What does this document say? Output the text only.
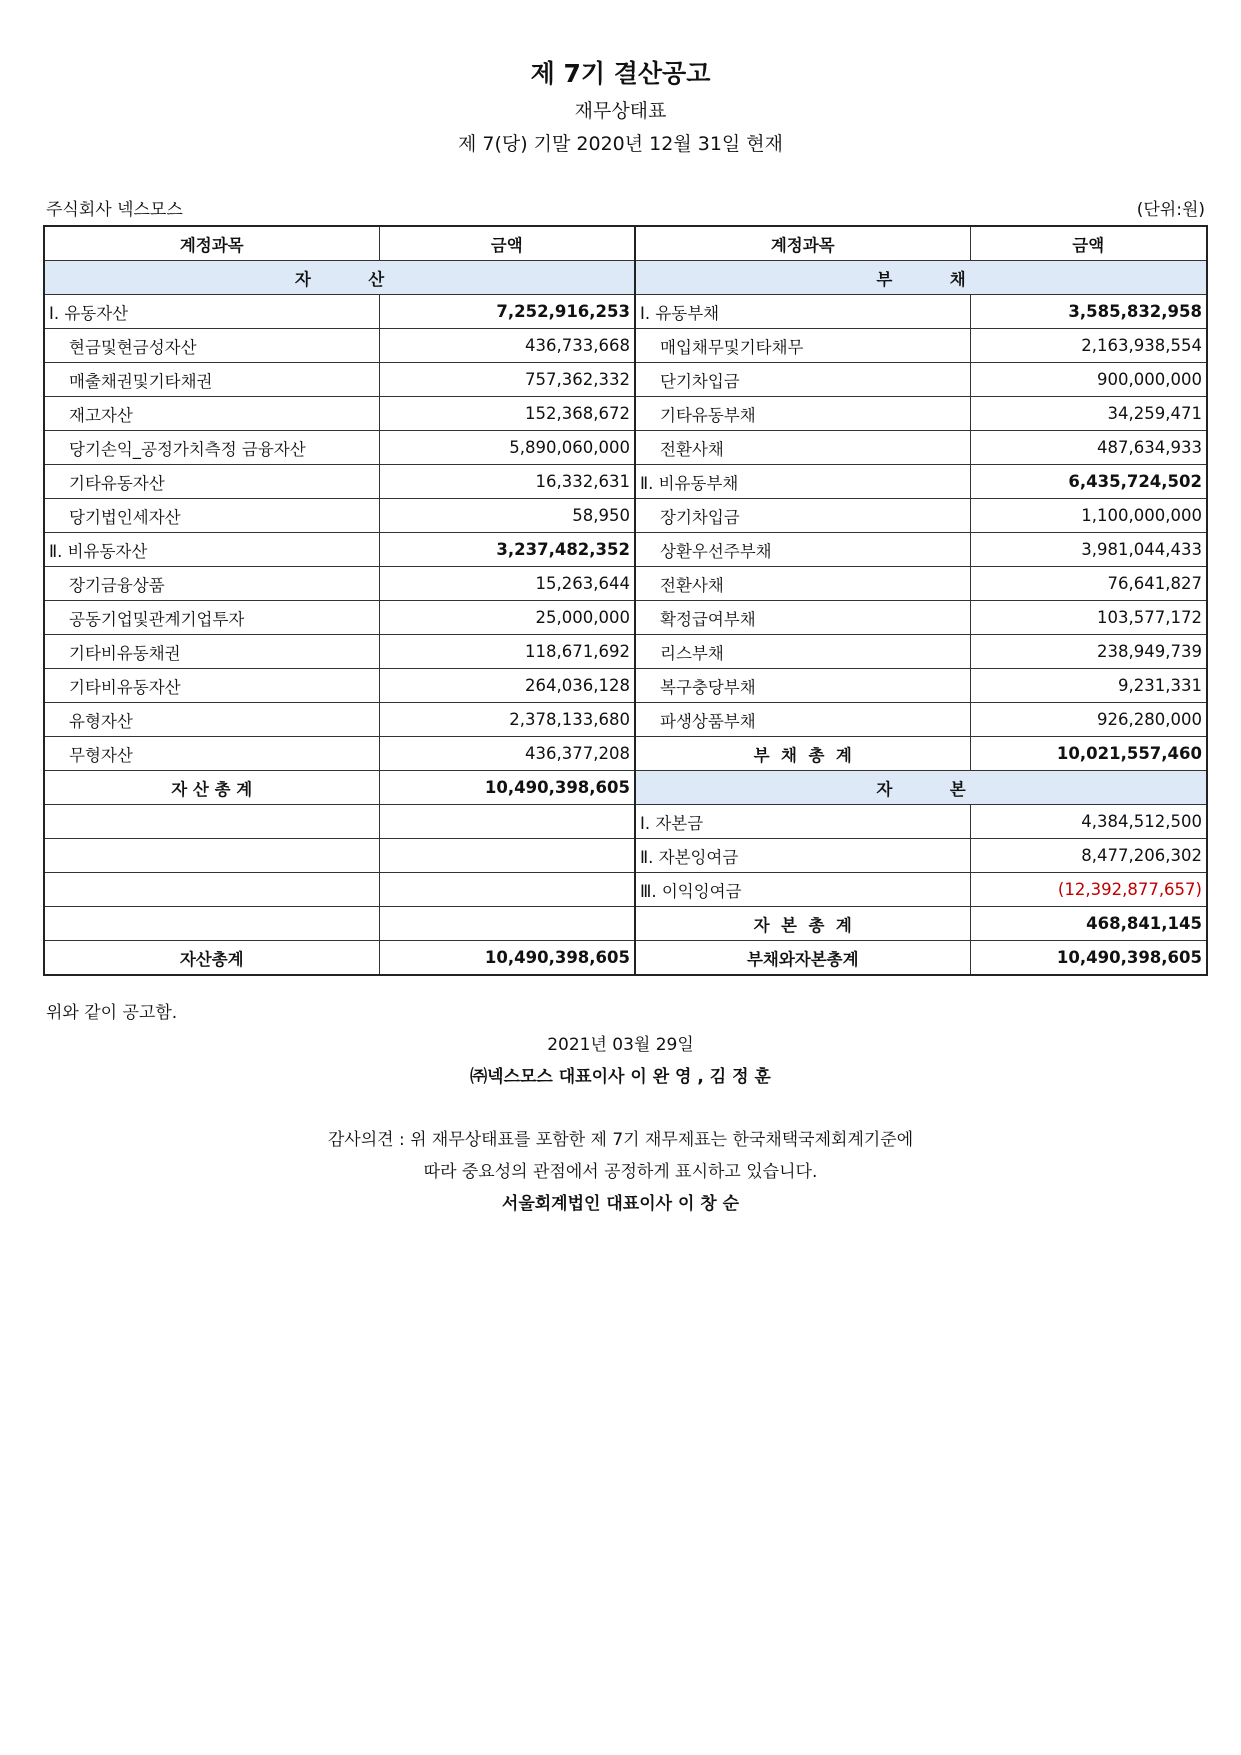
제 7기 결산공고
재무상태표
제 7(당) 기말 2020년 12월 31일 현재
주식회사 넥스모스	(단위:원)
계정과목	금액	계정과목	금액
자          산		부          채	
Ⅰ. 유동자산	7,252,916,253	Ⅰ. 유동부채	3,585,832,958
현금및현금성자산	436,733,668	매입채무및기타채무	2,163,938,554
매출채권및기타채권	757,362,332	단기차입금	900,000,000
재고자산	152,368,672	기타유동부채	34,259,471
당기손익_공정가치측정 금융자산	5,890,060,000	전환사채	487,634,933
기타유동자산	16,332,631	Ⅱ. 비유동부채	6,435,724,502
당기법인세자산	58,950	장기차입금	1,100,000,000
Ⅱ. 비유동자산	3,237,482,352	상환우선주부채	3,981,044,433
장기금융상품	15,263,644	전환사채	76,641,827
공동기업및관계기업투자	25,000,000	확정급여부채	103,577,172
기타비유동채권	118,671,692	리스부채	238,949,739
기타비유동자산	264,036,128	복구충당부채	9,231,331
유형자산	2,378,133,680	파생상품부채	926,280,000
무형자산	436,377,208	부  채  총  계	10,021,557,460
자 산 총 계	10,490,398,605	자          본	
		Ⅰ. 자본금	4,384,512,500
		Ⅱ. 자본잉여금	8,477,206,302
		Ⅲ. 이익잉여금	(12,392,877,657)
		자  본  총  계	468,841,145
자산총계	10,490,398,605	부채와자본총계	10,490,398,605
위와 같이 공고함.
2021년 03월 29일
㈜넥스모스 대표이사 이 완 영 , 김 정 훈
감사의견 : 위 재무상태표를 포함한 제 7기 재무제표는 한국채택국제회계기준에
따라 중요성의 관점에서 공정하게 표시하고 있습니다.
서울회계법인 대표이사 이 창 순
